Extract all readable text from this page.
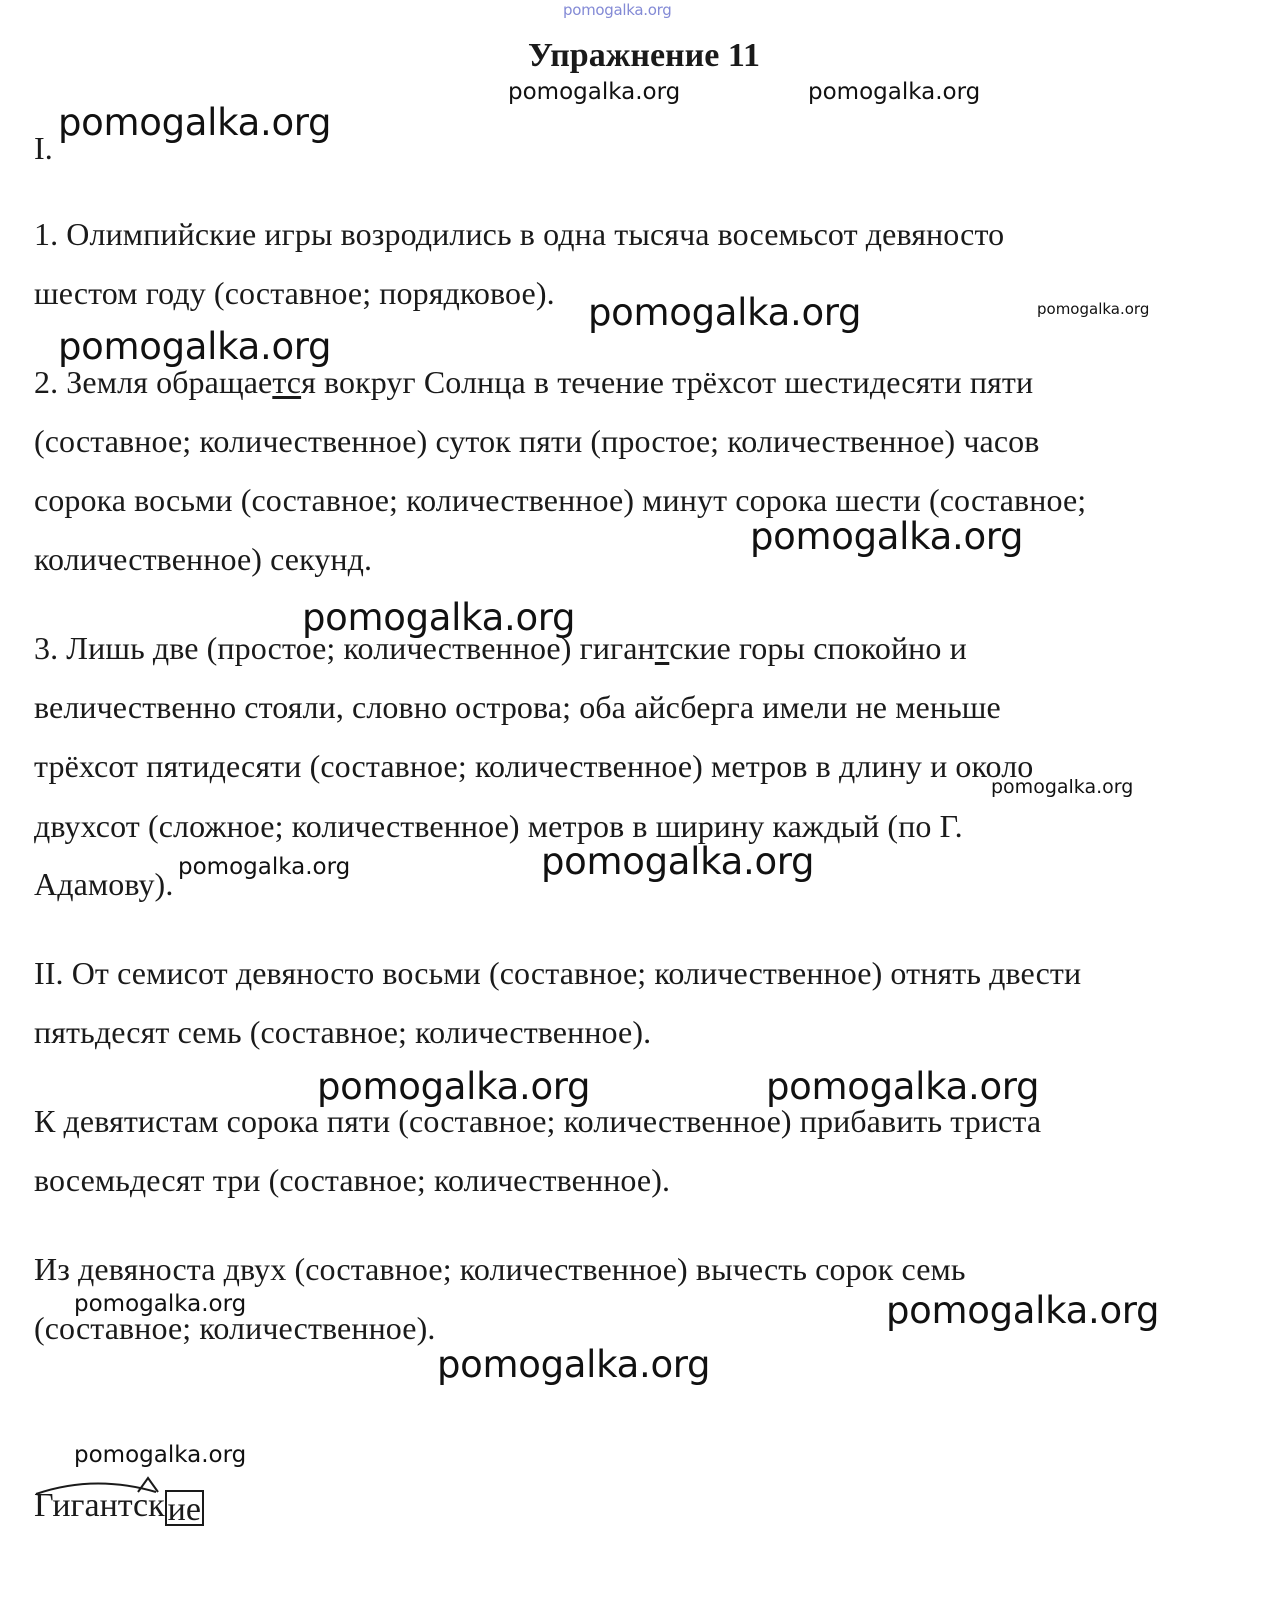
pomogalka.org
pomogalka.org	pomogalka.org
pomogalka.org
pomogalka.org	pomogalka.org
pomogalka.org
pomogalka.org
pomogalka.org
pomogalka.org
pomogalka.org
pomogalka.org
pomogalka.org	pomogalka.org
pomogalka.org	pomogalka.org
pomogalka.org
pomogalka.org
Упражнение 11
I.
1. Олимпийские игры возродились в одна тысяча восемьсот девяносто
шестом году (составное; порядковое).
2. Земля обращается вокруг Солнца в течение трёхсот шестидесяти пяти
(составное; количественное) суток пяти (простое; количественное) часов
сорока восьми (составное; количественное) минут сорока шести (составное;
количественное) секунд.
3. Лишь две (простое; количественное) гигантские горы спокойно и
величественно стояли, словно острова; оба айсберга имели не меньше
трёхсот пятидесяти (составное; количественное) метров в длину и около
двухсот (сложное; количественное) метров в ширину каждый (по Г.
Адамову).
II. От семисот девяносто восьми (составное; количественное) отнять двести
пятьдесят семь (составное; количественное).
К девятистам сорока пяти (составное; количественное) прибавить триста
восемьдесят три (составное; количественное).
Из девяноста двух (составное; количественное) вычесть сорок семь
(составное; количественное).
Гигантские
